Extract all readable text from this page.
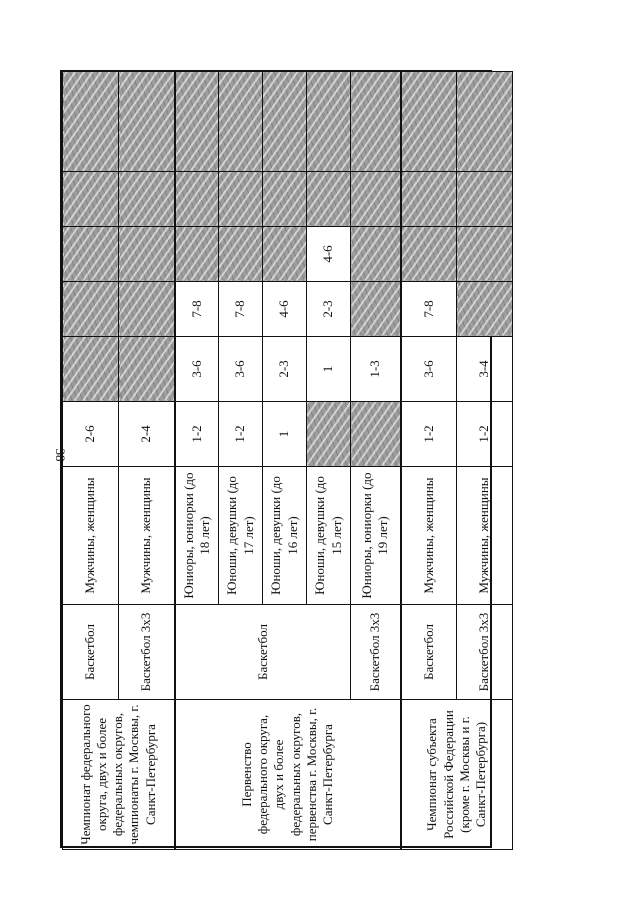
38
Чемпионат федерального округа, двух и более федеральных округов, чемпионаты г. Москвы, г. Санкт-Петербурга	Баскетбол	Мужчины, женщины	2-6					
	Баскетбол 3x3	Мужчины, женщины	2-4					
Первенство федерального округа, двух и более федеральных округов, первенства г. Москвы, г. Санкт-Петербурга	Баскетбол	Юниоры, юниорки (до 18 лет)	1-2	3-6	7-8			
		Юноши, девушки (до 17 лет)	1-2	3-6	7-8			
		Юноши, девушки (до 16 лет)	1	2-3	4-6			
		Юноши, девушки (до 15 лет)		1	2-3	4-6		
	Баскетбол 3x3	Юниоры, юниорки (до 19 лет)		1-3				
Чемпионат субъекта Российской Федерации (кроме г. Москвы и г. Санкт-Петербурга)	Баскетбол	Мужчины, женщины	1-2	3-6	7-8			
	Баскетбол 3x3	Мужчины, женщины	1-2	3-4				
